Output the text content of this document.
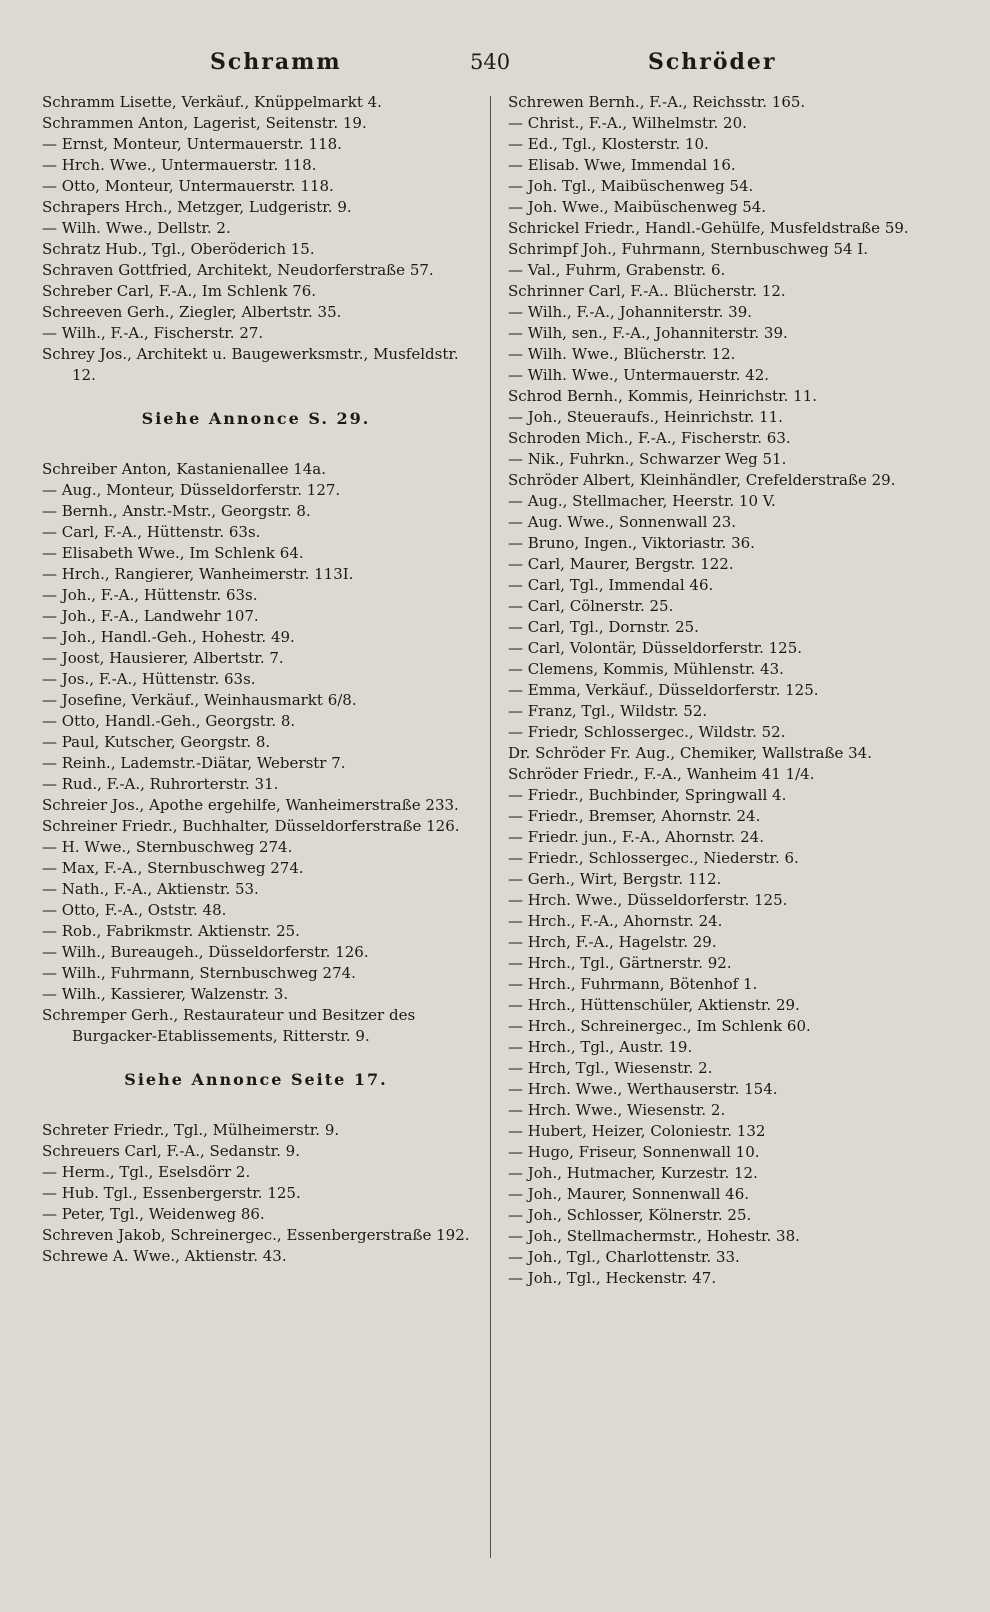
Schramm	540	Schröder
Schramm Lisette, Verkäuf., Knüppelmarkt 4.
Schrammen Anton, Lagerist, Seitenstr. 19.
— Ernst, Monteur, Untermauerstr. 118.
— Hrch. Wwe., Untermauerstr. 118.
— Otto, Monteur, Untermauerstr. 118.
Schrapers Hrch., Metzger, Ludgeristr. 9.
— Wilh. Wwe., Dellstr. 2.
Schratz Hub., Tgl., Oberöderich 15.
Schraven Gottfried, Architekt, Neudorferstraße 57.
Schreber Carl, F.-A., Im Schlenk 76.
Schreeven Gerh., Ziegler, Albertstr. 35.
— Wilh., F.-A., Fischerstr. 27.
Schrey Jos., Architekt u. Baugewerksmstr., Musfeldstr. 12.
Siehe Annonce S. 29.
Schreiber Anton, Kastanienallee 14a.
— Aug., Monteur, Düsseldorferstr. 127.
— Bernh., Anstr.-Mstr., Georgstr. 8.
— Carl, F.-A., Hüttenstr. 63s.
— Elisabeth Wwe., Im Schlenk 64.
— Hrch., Rangierer, Wanheimerstr. 113I.
— Joh., F.-A., Hüttenstr. 63s.
— Joh., F.-A., Landwehr 107.
— Joh., Handl.-Geh., Hohestr. 49.
— Joost, Hausierer, Albertstr. 7.
— Jos., F.-A., Hüttenstr. 63s.
— Josefine, Verkäuf., Weinhausmarkt 6/8.
— Otto, Handl.-Geh., Georgstr. 8.
— Paul, Kutscher, Georgstr. 8.
— Reinh., Lademstr.-Diätar, Weberstr 7.
— Rud., F.-A., Ruhrorterstr. 31.
Schreier Jos., Apothe ergehilfe, Wanheimerstraße 233.
Schreiner Friedr., Buchhalter, Düsseldorferstraße 126.
— H. Wwe., Sternbuschweg 274.
— Max, F.-A., Sternbuschweg 274.
— Nath., F.-A., Aktienstr. 53.
— Otto, F.-A., Oststr. 48.
— Rob., Fabrikmstr. Aktienstr. 25.
— Wilh., Bureaugeh., Düsseldorferstr. 126.
— Wilh., Fuhrmann, Sternbuschweg 274.
— Wilh., Kassierer, Walzenstr. 3.
Schremper Gerh., Restaurateur und Besitzer des Burgacker-Etablissements, Ritterstr. 9.
Siehe Annonce Seite 17.
Schreter Friedr., Tgl., Mülheimerstr. 9.
Schreuers Carl, F.-A., Sedanstr. 9.
— Herm., Tgl., Eselsdörr 2.
— Hub. Tgl., Essenbergerstr. 125.
— Peter, Tgl., Weidenweg 86.
Schreven Jakob, Schreinergeс., Essenbergerstraße 192.
Schrewe A. Wwe., Aktienstr. 43.
Schrewen Bernh., F.-A., Reichsstr. 165.
— Christ., F.-A., Wilhelmstr. 20.
— Ed., Tgl., Klosterstr. 10.
— Elisab. Wwe, Immendal 16.
— Joh. Tgl., Maibüschenweg 54.
— Joh. Wwe., Maibüschenweg 54.
Schrickel Friedr., Handl.-Gehülfe, Musfeldstraße 59.
Schrimpf Joh., Fuhrmann, Sternbuschweg 54 I.
— Val., Fuhrm, Grabenstr. 6.
Schrinner Carl, F.-A.. Blücherstr. 12.
— Wilh., F.-A., Johanniterstr. 39.
— Wilh, sen., F.-A., Johanniterstr. 39.
— Wilh. Wwe., Blücherstr. 12.
— Wilh. Wwe., Untermauerstr. 42.
Schrod Bernh., Kommis, Heinrichstr. 11.
— Joh., Steueraufs., Heinrichstr. 11.
Schroden Mich., F.-A., Fischerstr. 63.
— Nik., Fuhrkn., Schwarzer Weg 51.
Schröder Albert, Kleinhändler, Crefelderstraße 29.
— Aug., Stellmacher, Heerstr. 10 V.
— Aug. Wwe., Sonnenwall 23.
— Bruno, Ingen., Viktoriastr. 36.
— Carl, Maurer, Bergstr. 122.
— Carl, Tgl., Immendal 46.
— Carl, Cölnerstr. 25.
— Carl, Tgl., Dornstr. 25.
— Carl, Volontär, Düsseldorferstr. 125.
— Clemens, Kommis, Mühlenstr. 43.
— Emma, Verkäuf., Düsseldorferstr. 125.
— Franz, Tgl., Wildstr. 52.
— Friedr, Schlossergeс., Wildstr. 52.
Dr. Schröder Fr. Aug., Chemiker, Wallstraße 34.
Schröder Friedr., F.-A., Wanheim 41 1/4.
— Friedr., Buchbinder, Springwall 4.
— Friedr., Bremser, Ahornstr. 24.
— Friedr. jun., F.-A., Ahornstr. 24.
— Friedr., Schlossergeс., Niederstr. 6.
— Gerh., Wirt, Bergstr. 112.
— Hrch. Wwe., Düsseldorferstr. 125.
— Hrch., F.-A., Ahornstr. 24.
— Hrch, F.-A., Hagelstr. 29.
— Hrch., Tgl., Gärtnerstr. 92.
— Hrch., Fuhrmann, Bötenhof 1.
— Hrch., Hüttenschüler, Aktienstr. 29.
— Hrch., Schreinergeс., Im Schlenk 60.
— Hrch., Tgl., Austr. 19.
— Hrch, Tgl., Wiesenstr. 2.
— Hrch. Wwe., Werthauserstr. 154.
— Hrch. Wwe., Wiesenstr. 2.
— Hubert, Heizer, Coloniestr. 132
— Hugo, Friseur, Sonnenwall 10.
— Joh., Hutmacher, Kurzestr. 12.
— Joh., Maurer, Sonnenwall 46.
— Joh., Schlosser, Kölnerstr. 25.
— Joh., Stellmachermstr., Hohestr. 38.
— Joh., Tgl., Charlottenstr. 33.
— Joh., Tgl., Heckenstr. 47.
